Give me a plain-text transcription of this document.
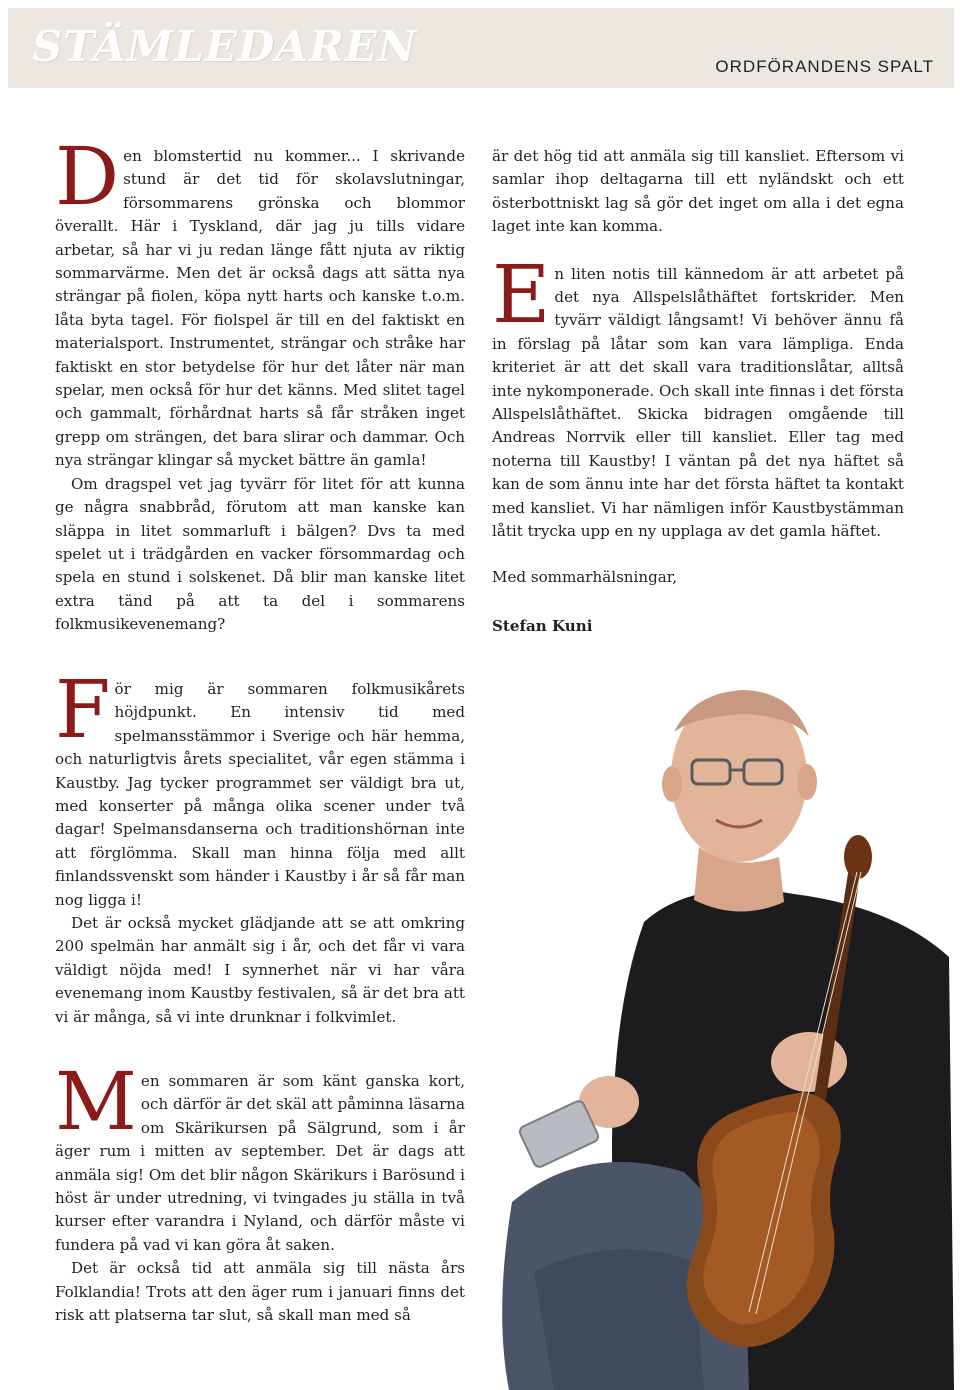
STÄMLEDAREN	ORDFÖRANDENS SPALT

Den blomstertid nu kommer... I skrivande stund är det tid för skolavslutningar, försommarens grönska och blommor överallt. Här i Tyskland, där jag ju tills vidare arbetar, så har vi ju redan länge fått njuta av riktig sommarvärme. Men det är också dags att sätta nya strängar på fiolen, köpa nytt harts och kanske t.o.m. låta byta tagel. För fiolspel är till en del faktiskt en materialsport. Instrumentet, strängar och stråke har faktiskt en stor betydelse för hur det låter när man spelar, men också för hur det känns. Med slitet tagel och gammalt, förhårdnat harts så får stråken inget grepp om strängen, det bara slirar och dammar. Och nya strängar klingar så mycket bättre än gamla!

Om dragspel vet jag tyvärr för litet för att kunna ge några snabbråd, förutom att man kanske kan släppa in litet sommarluft i bälgen? Dvs ta med spelet ut i trädgården en vacker försommardag och spela en stund i solskenet. Då blir man kanske litet extra tänd på att ta del i sommarens folkmusikevenemang?

För mig är sommaren folkmusikårets höjdpunkt. En intensiv tid med spelmansstämmor i Sverige och här hemma, och naturligtvis årets specialitet, vår egen stämma i Kaustby. Jag tycker programmet ser väldigt bra ut, med konserter på många olika scener under två dagar! Spelmansdanserna och traditionshörnan inte att förglömma. Skall man hinna följa med allt finlandssvenskt som händer i Kaustby i år så får man nog ligga i!

Det är också mycket glädjande att se att omkring 200 spelmän har anmält sig i år, och det får vi vara väldigt nöjda med! I synnerhet när vi har våra evenemang inom Kaustby festivalen, så är det bra att vi är många, så vi inte drunknar i folkvimlet.

Men sommaren är som känt ganska kort, och därför är det skäl att påminna läsarna om Skärikursen på Sälgrund, som i år äger rum i mitten av september. Det är dags att anmäla sig! Om det blir någon Skärikurs i Barösund i höst är under utredning, vi tvingades ju ställa in två kurser efter varandra i Nyland, och därför måste vi fundera på vad vi kan göra åt saken.

Det är också tid att anmäla sig till nästa års Folklandia! Trots att den äger rum i januari finns det risk att platserna tar slut, så skall man med så

är det hög tid att anmäla sig till kansliet. Eftersom vi samlar ihop deltagarna till ett nyländskt och ett österbottniskt lag så gör det inget om alla i det egna laget inte kan komma.

En liten notis till kännedom är att arbetet på det nya Allspelslåthäftet fortskrider. Men tyvärr väldigt långsamt! Vi behöver ännu få in förslag på låtar som kan vara lämpliga. Enda kriteriet är att det skall vara traditionslåtar, alltså inte nykomponerade. Och skall inte finnas i det första Allspelslåthäftet. Skicka bidragen omgående till Andreas Norrvik eller till kansliet. Eller tag med noterna till Kaustby! I väntan på det nya häftet så kan de som ännu inte har det första häftet ta kontakt med kansliet. Vi har nämligen inför Kaustbystämman låtit trycka upp en ny upplaga av det gamla häftet.

Med sommarhälsningar,

Stefan Kuni

3
